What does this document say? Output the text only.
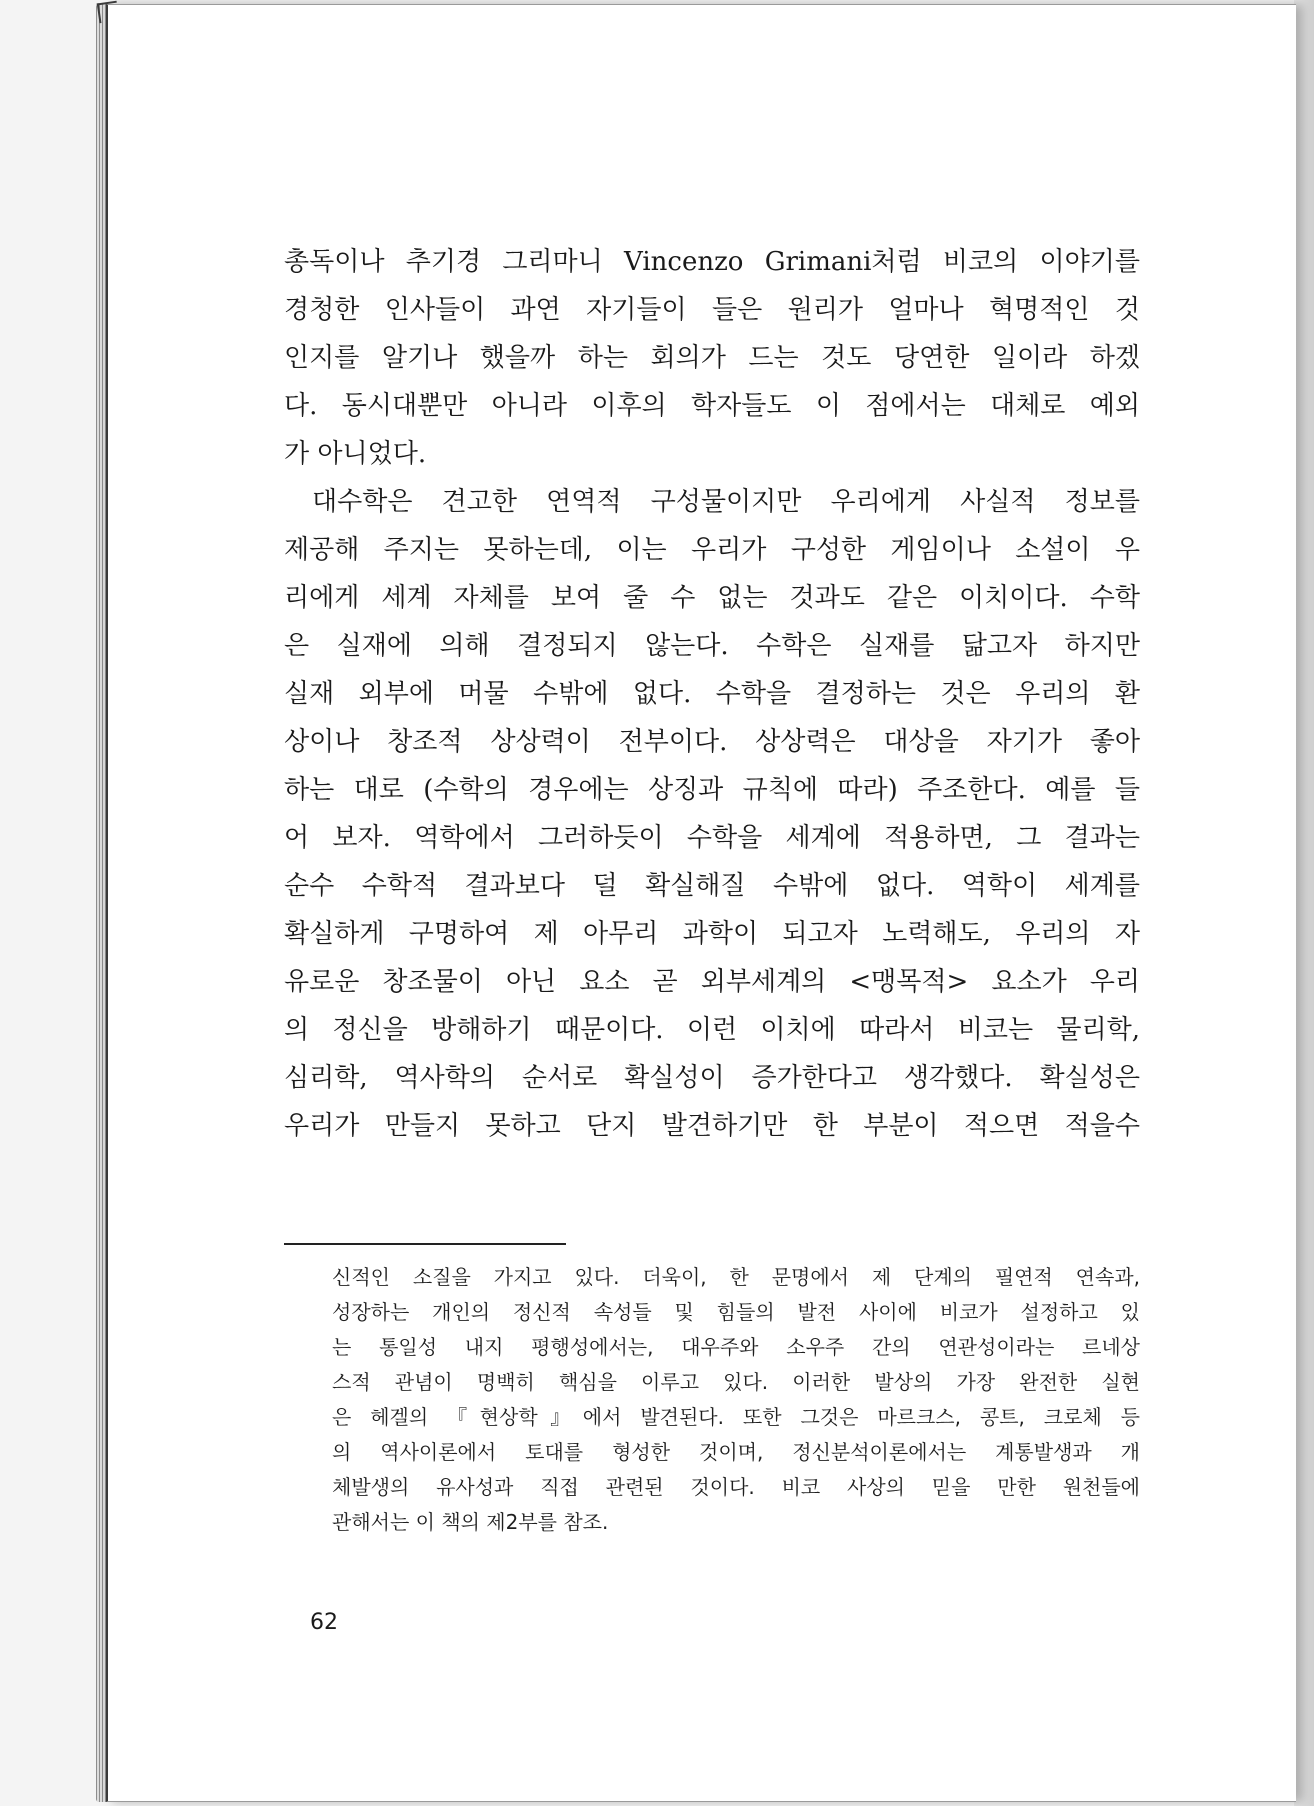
총독이나 추기경 그리마니 Vincenzo Grimani처럼 비코의 이야기를
경청한 인사들이 과연 자기들이 들은 원리가 얼마나 혁명적인 것
인지를 알기나 했을까 하는 회의가 드는 것도 당연한 일이라 하겠
다. 동시대뿐만 아니라 이후의 학자들도 이 점에서는 대체로 예외
가 아니었다.
대수학은 견고한 연역적 구성물이지만 우리에게 사실적 정보를
제공해 주지는 못하는데, 이는 우리가 구성한 게임이나 소설이 우
리에게 세계 자체를 보여 줄 수 없는 것과도 같은 이치이다. 수학
은 실재에 의해 결정되지 않는다. 수학은 실재를 닮고자 하지만
실재 외부에 머물 수밖에 없다. 수학을 결정하는 것은 우리의 환
상이나 창조적 상상력이 전부이다. 상상력은 대상을 자기가 좋아
하는 대로 (수학의 경우에는 상징과 규칙에 따라) 주조한다. 예를 들
어 보자. 역학에서 그러하듯이 수학을 세계에 적용하면, 그 결과는
순수 수학적 결과보다 덜 확실해질 수밖에 없다. 역학이 세계를
확실하게 구명하여 제 아무리 과학이 되고자 노력해도, 우리의 자
유로운 창조물이 아닌 요소 곧 외부세계의 <맹목적> 요소가 우리
의 정신을 방해하기 때문이다. 이런 이치에 따라서 비코는 물리학,
심리학, 역사학의 순서로 확실성이 증가한다고 생각했다. 확실성은
우리가 만들지 못하고 단지 발견하기만 한 부분이 적으면 적을수
신적인 소질을 가지고 있다. 더욱이, 한 문명에서 제 단계의 필연적 연속과,
성장하는 개인의 정신적 속성들 및 힘들의 발전 사이에 비코가 설정하고 있
는 통일성 내지 평행성에서는, 대우주와 소우주 간의 연관성이라는 르네상
스적 관념이 명백히 핵심을 이루고 있다. 이러한 발상의 가장 완전한 실현
은 헤겔의 『현상학』에서 발견된다. 또한 그것은 마르크스, 콩트, 크로체 등
의 역사이론에서 토대를 형성한 것이며, 정신분석이론에서는 계통발생과 개
체발생의 유사성과 직접 관련된 것이다. 비코 사상의 믿을 만한 원천들에
관해서는 이 책의 제2부를 참조.
62
